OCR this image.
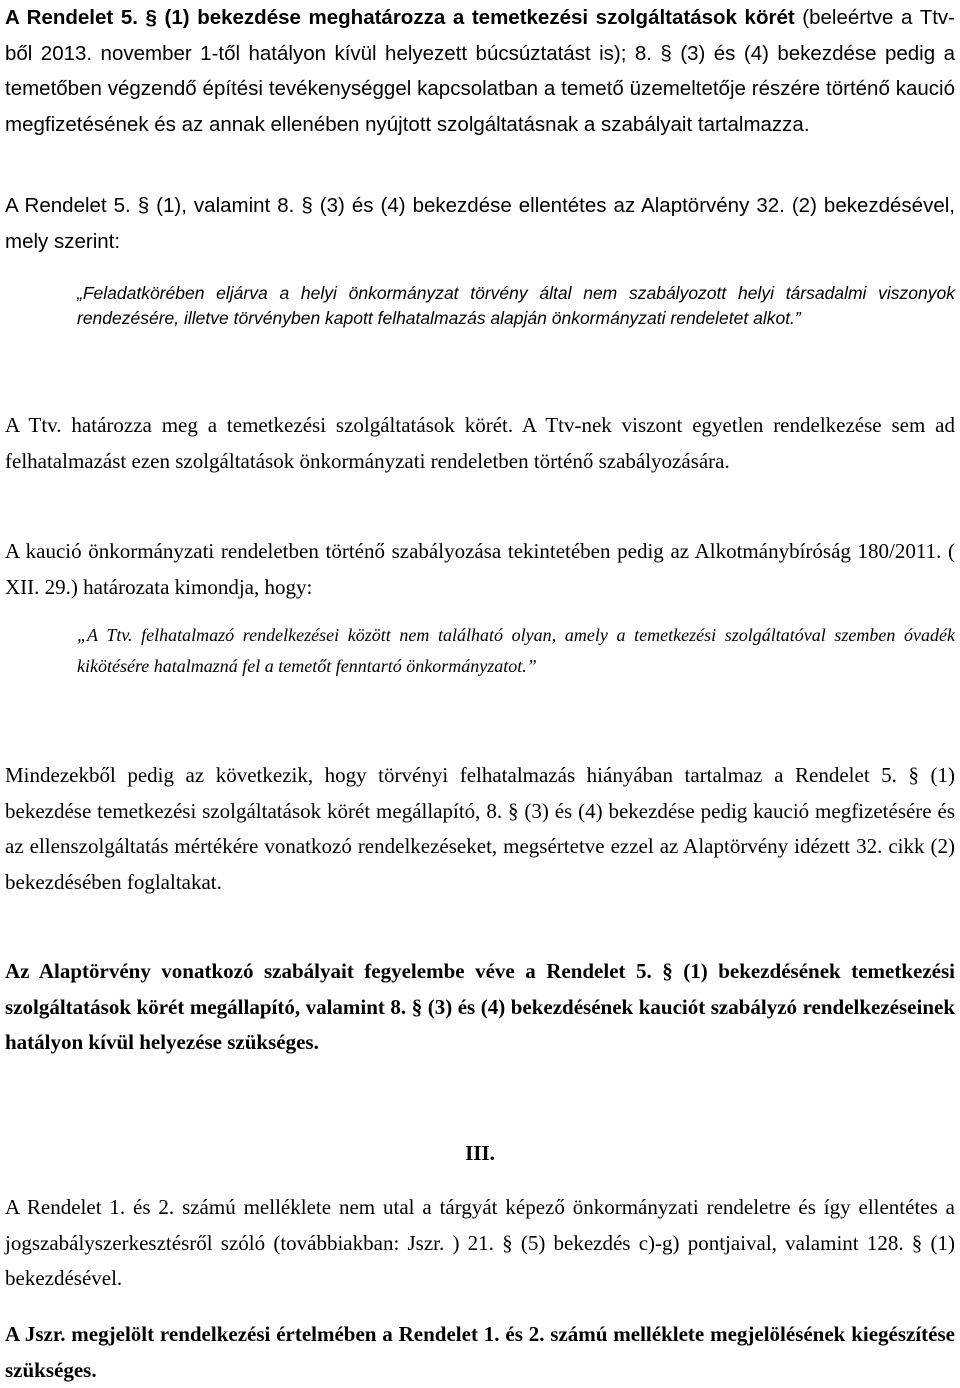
A Rendelet 5. § (1) bekezdése meghatározza a temetkezési szolgáltatások körét (beleértve a Ttv-ből 2013. november 1-től hatályon kívül helyezett búcsúztatást is); 8. § (3) és (4) bekezdése pedig a temetőben végzendő építési tevékenységgel kapcsolatban a temető üzemeltetője részére történő kaució megfizetésének és az annak ellenében nyújtott szolgáltatásnak a szabályait tartalmazza.

A Rendelet 5. § (1), valamint 8. § (3) és (4) bekezdése ellentétes az Alaptörvény 32. (2) bekezdésével, mely szerint:

„Feladatkörében eljárva a helyi önkormányzat törvény által nem szabályozott helyi társadalmi viszonyok rendezésére, illetve törvényben kapott felhatalmazás alapján önkormányzati rendeletet alkot.”

A Ttv. határozza meg a temetkezési szolgáltatások körét. A Ttv-nek viszont egyetlen rendelkezése sem ad felhatalmazást ezen szolgáltatások önkormányzati rendeletben történő szabályozására.

A kaució önkormányzati rendeletben történő szabályozása tekintetében pedig az Alkotmánybíróság 180/2011. ( XII. 29.) határozata kimondja, hogy:

„A Ttv. felhatalmazó rendelkezései között nem található olyan, amely a temetkezési szolgáltatóval szemben óvadék kikötésére hatalmazná fel a temetőt fenntartó önkormányzatot.”

Mindezekből pedig az következik, hogy törvényi felhatalmazás hiányában tartalmaz a Rendelet 5. § (1) bekezdése temetkezési szolgáltatások körét megállapító, 8. § (3) és (4) bekezdése pedig kaució megfizetésére és az ellenszolgáltatás mértékére vonatkozó rendelkezéseket, megsértetve ezzel az Alaptörvény idézett 32. cikk (2) bekezdésében foglaltakat.

Az Alaptörvény vonatkozó szabályait fegyelembe véve a Rendelet 5. § (1) bekezdésének temetkezési szolgáltatások körét megállapító, valamint 8. § (3) és (4) bekezdésének kauciót szabályzó rendelkezéseinek hatályon kívül helyezése szükséges.

III.

A Rendelet 1. és 2. számú melléklete nem utal a tárgyát képező önkormányzati rendeletre és így ellentétes a jogszabályszerkesztésről szóló (továbbiakban: Jszr. ) 21. § (5) bekezdés c)-g) pontjaival, valamint 128. § (1) bekezdésével.

A Jszr. megjelölt rendelkezési értelmében a Rendelet 1. és 2. számú melléklete megjelölésének kiegészítése szükséges.
